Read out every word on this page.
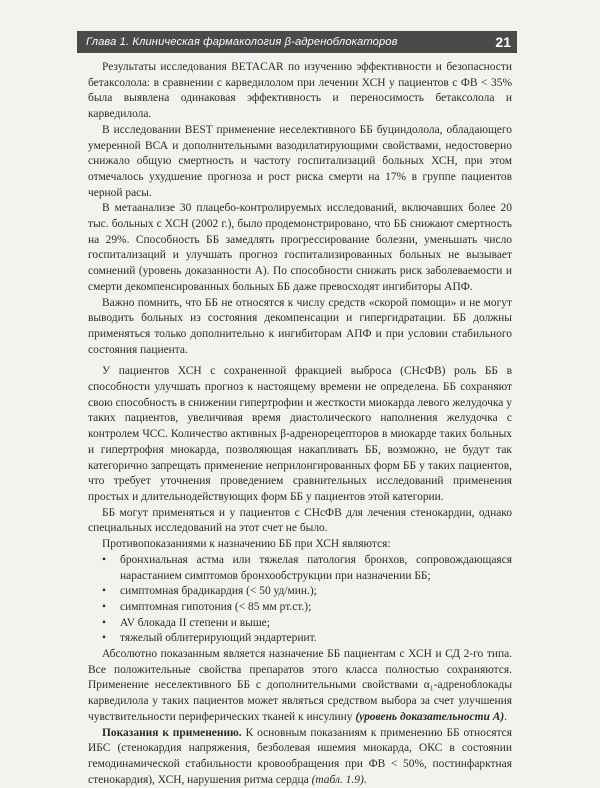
Глава 1. Клиническая фармакология β-адреноблокаторов	21

Результаты исследования BETACAR по изучению эффективности и безопасности бетаксолола: в сравнении с карведилолом при лечении ХСН у пациентов с ФВ < 35% была выявлена одинаковая эффективность и переносимость бетаксолола и карведилола.

В исследовании BEST применение неселективного ББ буциндолола, обладающего умеренной ВСА и дополнительными вазодилатирующими свойствами, недостоверно снижало общую смертность и частоту госпитализаций больных ХСН, при этом отмечалось ухудшение прогноза и рост риска смерти на 17% в группе пациентов черной расы.

В метаанализе 30 плацебо-контролируемых исследований, включавших более 20 тыс. больных с ХСН (2002 г.), было продемонстрировано, что ББ снижают смертность на 29%. Способность ББ замедлять прогрессирование болезни, уменьшать число госпитализаций и улучшать прогноз госпитализированных больных не вызывает сомнений (уровень доказанности А). По способности снижать риск заболеваемости и смерти декомпенсированных больных ББ даже превосходят ингибиторы АПФ.

Важно помнить, что ББ не относятся к числу средств «скорой помощи» и не могут выводить больных из состояния декомпенсации и гипергидратации. ББ должны применяться только дополнительно к ингибиторам АПФ и при условии стабильного состояния пациента.

У пациентов ХСН с сохраненной фракцией выброса (СНсФВ) роль ББ в способности улучшать прогноз к настоящему времени не определена. ББ сохраняют свою способность в снижении гипертрофии и жесткости миокарда левого желудочка у таких пациентов, увеличивая время диастолического наполнения желудочка с контролем ЧСС. Количество активных β-адренорецепторов в миокарде таких больных и гипертрофия миокарда, позволяющая накапливать ББ, возможно, не будут так категорично запрещать применение неприлонгированных форм ББ у таких пациентов, что требует уточнения проведением сравнительных исследований применения простых и длительнодействующих форм ББ у пациентов этой категории.

ББ могут применяться и у пациентов с СНсФВ для лечения стенокардии, однако специальных исследований на этот счет не было.

Противопоказаниями к назначению ББ при ХСН являются:

• бронхиальная астма или тяжелая патология бронхов, сопровождающаяся нарастанием симптомов бронхообструкции при назначении ББ;
• симптомная брадикардия (< 50 уд/мин.);
• симптомная гипотония (< 85 мм рт.ст.);
• AV блокада II степени и выше;
• тяжелый облитерирующий эндартериит.

Абсолютно показанным является назначение ББ пациентам с ХСН и СД 2-го типа. Все положительные свойства препаратов этого класса полностью сохраняются. Применение неселективного ББ с дополнительными свойствами α₁-адреноблокады карведилола у таких пациентов может являться средством выбора за счет улучшения чувствительности периферических тканей к инсулину (уровень доказательности А).

Показания к применению. К основным показаниям к применению ББ относятся ИБС (стенокардия напряжения, безболевая ишемия миокарда, ОКС в состоянии гемодинамической стабильности кровообращения при ФВ < 50%, постинфарктная стенокардия), ХСН, нарушения ритма сердца (табл. 1.9).
